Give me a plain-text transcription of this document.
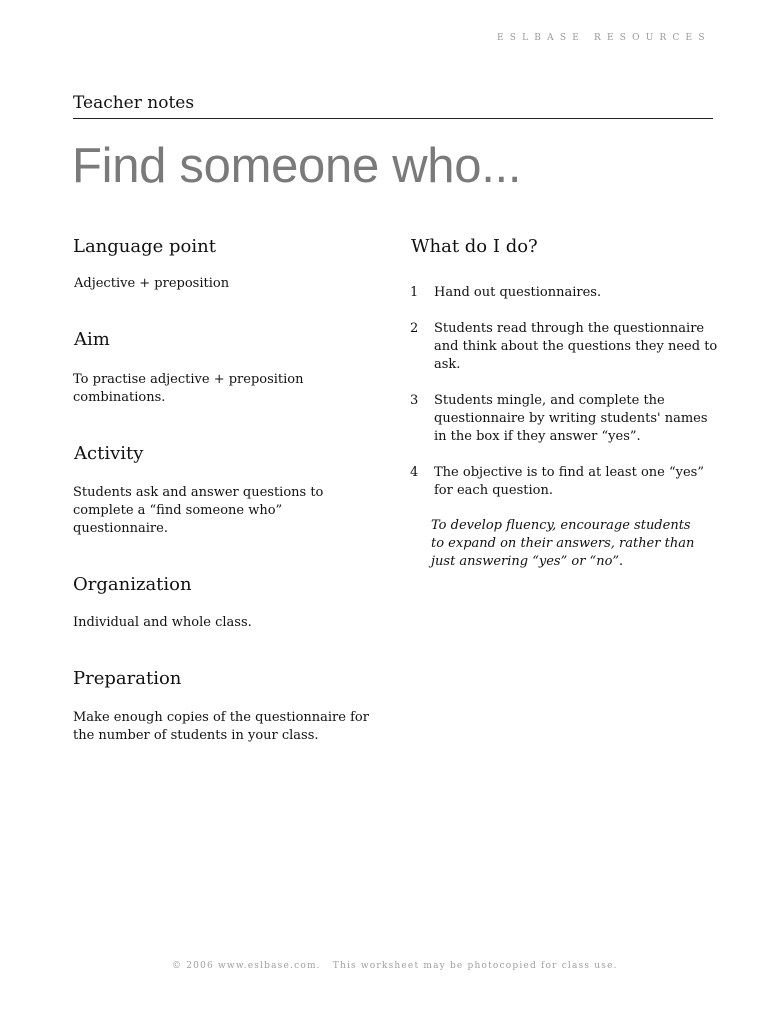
ESLBASE RESOURCES
Teacher notes
Find someone who...
Language point
Adjective + preposition
Aim
To practise adjective + preposition combinations.
Activity
Students ask and answer questions to complete a “find someone who” questionnaire.
Organization
Individual and whole class.
Preparation
Make enough copies of the questionnaire for the number of students in your class.
What do I do?
1 Hand out questionnaires.
2 Students read through the questionnaire and think about the questions they need to ask.
3 Students mingle, and complete the questionnaire by writing students' names in the box if they answer “yes”.
4 The objective is to find at least one “yes” for each question.
To develop fluency, encourage students to expand on their answers, rather than just answering “yes” or “no”.
© 2006 www.eslbase.com. This worksheet may be photocopied for class use.
